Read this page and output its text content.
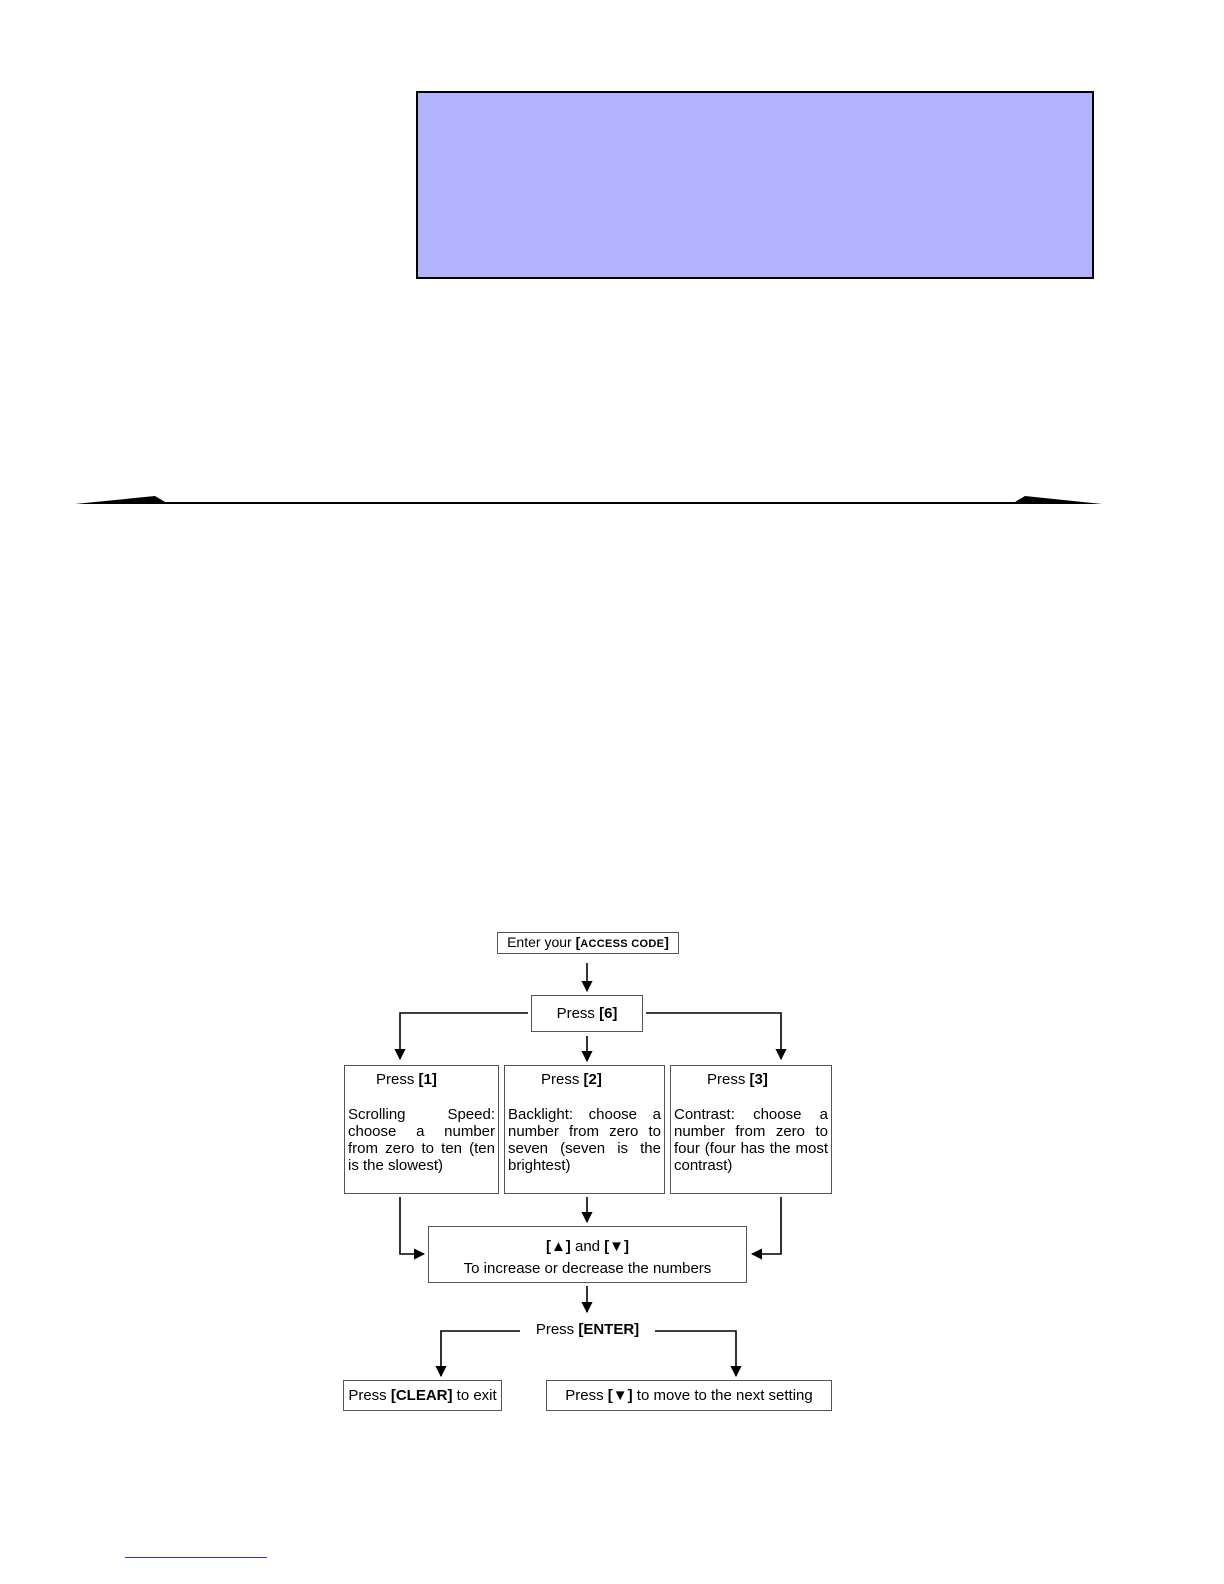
Enter your [ACCESS CODE]
Press [6]
Press [1]
Scrolling Speed: choose a number from zero to ten (ten is the slowest)
Press [2]
Backlight: choose a number from zero to seven (seven is the brightest)
Press [3]
Contrast: choose a number from zero to four (four has the most contrast)
[▲] and [▼]
To increase or decrease the numbers
Press [ENTER]
Press [CLEAR] to exit	Press [▼] to move to the next setting
